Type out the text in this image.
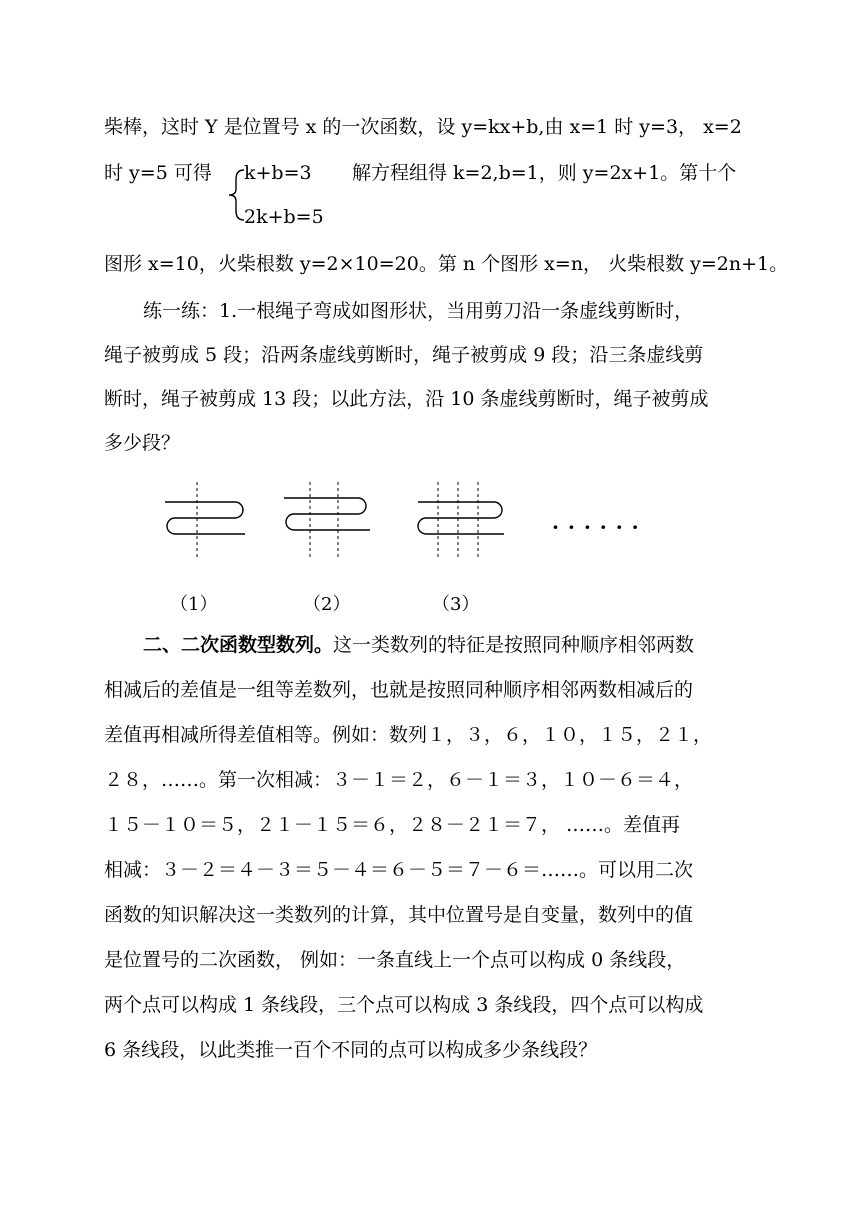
柴棒，这时 Y 是位置号 x 的一次函数，设 y=kx+b,由 x=1 时 y=3， x=2
时 y=5 可得 k+b=3
2k+b=5
解方程组得 k=2,b=1，则 y=2x+1。第十个
图形 x=10，火柴根数 y=2×10=20。第 n 个图形 x=n， 火柴根数 y=2n+1。
练一练：1.一根绳子弯成如图形状，当用剪刀沿一条虚线剪断时，
绳子被剪成 5 段；沿两条虚线剪断时，绳子被剪成 9 段；沿三条虚线剪
断时，绳子被剪成 13 段；以此方法，沿 10 条虚线剪断时，绳子被剪成
多少段？
· · · · · ·
（1）	（2）	（3）
二、二次函数型数列。这一类数列的特征是按照同种顺序相邻两数
相减后的差值是一组等差数列，也就是按照同种顺序相邻两数相减后的
差值再相减所得差值相等。例如：数列１，３，６，１０，１５，２１，
２８，……。第一次相减：３－１＝２，６－１＝３，１０－６＝４，
１５－１０＝５，２１－１５＝６，２８－２１＝７， ……。差值再
相减：３－２＝４－３＝５－４＝６－５＝７－６＝……。可以用二次
函数的知识解决这一类数列的计算，其中位置号是自变量，数列中的值
是位置号的二次函数， 例如：一条直线上一个点可以构成 0 条线段，
两个点可以构成 1 条线段，三个点可以构成 3 条线段，四个点可以构成
6 条线段，以此类推一百个不同的点可以构成多少条线段？
